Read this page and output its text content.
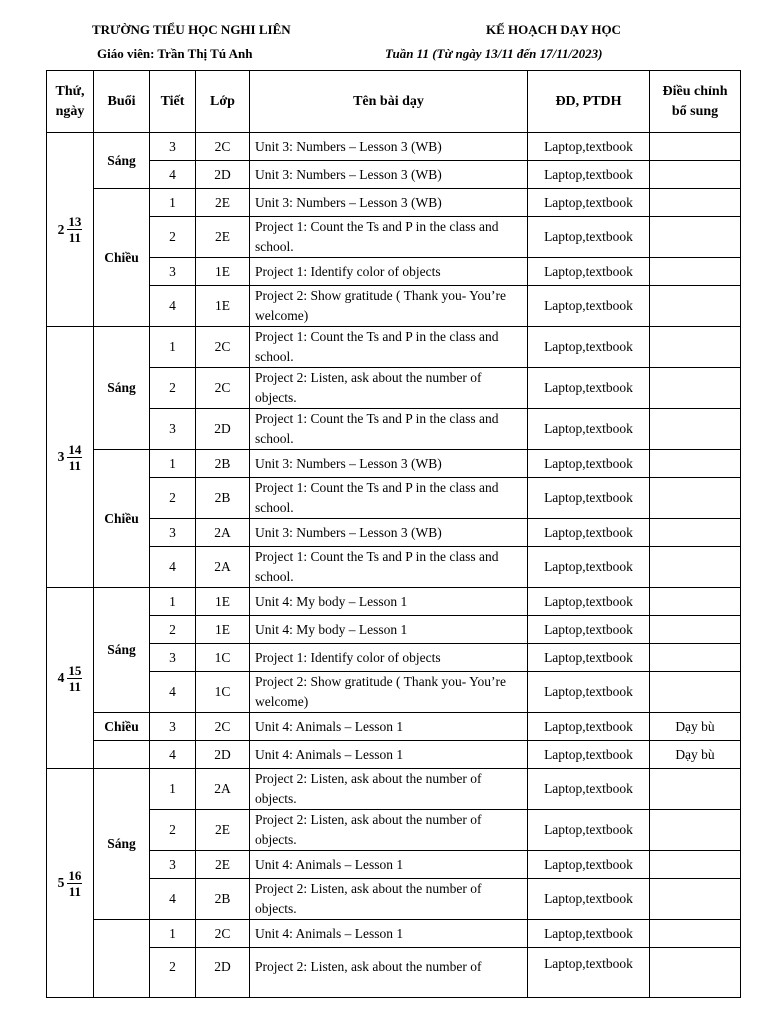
TRƯỜNG TIỂU HỌC NGHI LIÊN	KẾ HOẠCH DẠY HỌC
Giáo viên: Trần Thị Tú Anh	Tuần 11 (Từ ngày 13/11 đến 17/11/2023)
Thứ, ngày	Buổi	Tiết	Lớp	Tên bài dạy	ĐD, PTDH	Điều chỉnh bổ sung

$2 \frac{13}{11}$	Sáng	3	2C	Unit 3: Numbers – Lesson 3 (WB)	Laptop,textbook	
		4	2D	Unit 3: Numbers – Lesson 3 (WB)	Laptop,textbook	
	Chiều	1	2E	Unit 3: Numbers – Lesson 3 (WB)	Laptop,textbook	
		2	2E	Project 1: Count the Ts and P in the class and school.	Laptop,textbook	
		3	1E	Project 1: Identify color of objects	Laptop,textbook	
		4	1E	Project 2: Show gratitude ( Thank you- You’re welcome)	Laptop,textbook	

$3 \frac{14}{11}$	Sáng	1	2C	Project 1: Count the Ts and P in the class and school.	Laptop,textbook	
		2	2C	Project 2: Listen, ask about the number of objects.	Laptop,textbook	
		3	2D	Project 1: Count the Ts and P in the class and school.	Laptop,textbook	
	Chiều	1	2B	Unit 3: Numbers – Lesson 3 (WB)	Laptop,textbook	
		2	2B	Project 1: Count the Ts and P in the class and school.	Laptop,textbook	
		3	2A	Unit 3: Numbers – Lesson 3 (WB)	Laptop,textbook	
		4	2A	Project 1: Count the Ts and P in the class and school.	Laptop,textbook	

$4 \frac{15}{11}$	Sáng	1	1E	Unit 4: My body – Lesson 1	Laptop,textbook	
		2	1E	Unit 4: My body – Lesson 1	Laptop,textbook	
		3	1C	Project 1: Identify color of objects	Laptop,textbook	
		4	1C	Project 2: Show gratitude ( Thank you- You’re welcome)	Laptop,textbook	
	Chiều	3	2C	Unit 4: Animals – Lesson 1	Laptop,textbook	Dạy bù
		4	2D	Unit 4: Animals – Lesson 1	Laptop,textbook	Dạy bù

$5 \frac{16}{11}$	Sáng	1	2A	Project 2: Listen, ask about the number of objects.	Laptop,textbook	
		2	2E	Project 2: Listen, ask about the number of objects.	Laptop,textbook	
		3	2E	Unit 4: Animals – Lesson 1	Laptop,textbook	
		4	2B	Project 2: Listen, ask about the number of objects.	Laptop,textbook	
		1	2C	Unit 4: Animals – Lesson 1	Laptop,textbook	
		2	2D	Project 2: Listen, ask about the number of	Laptop,textbook	
